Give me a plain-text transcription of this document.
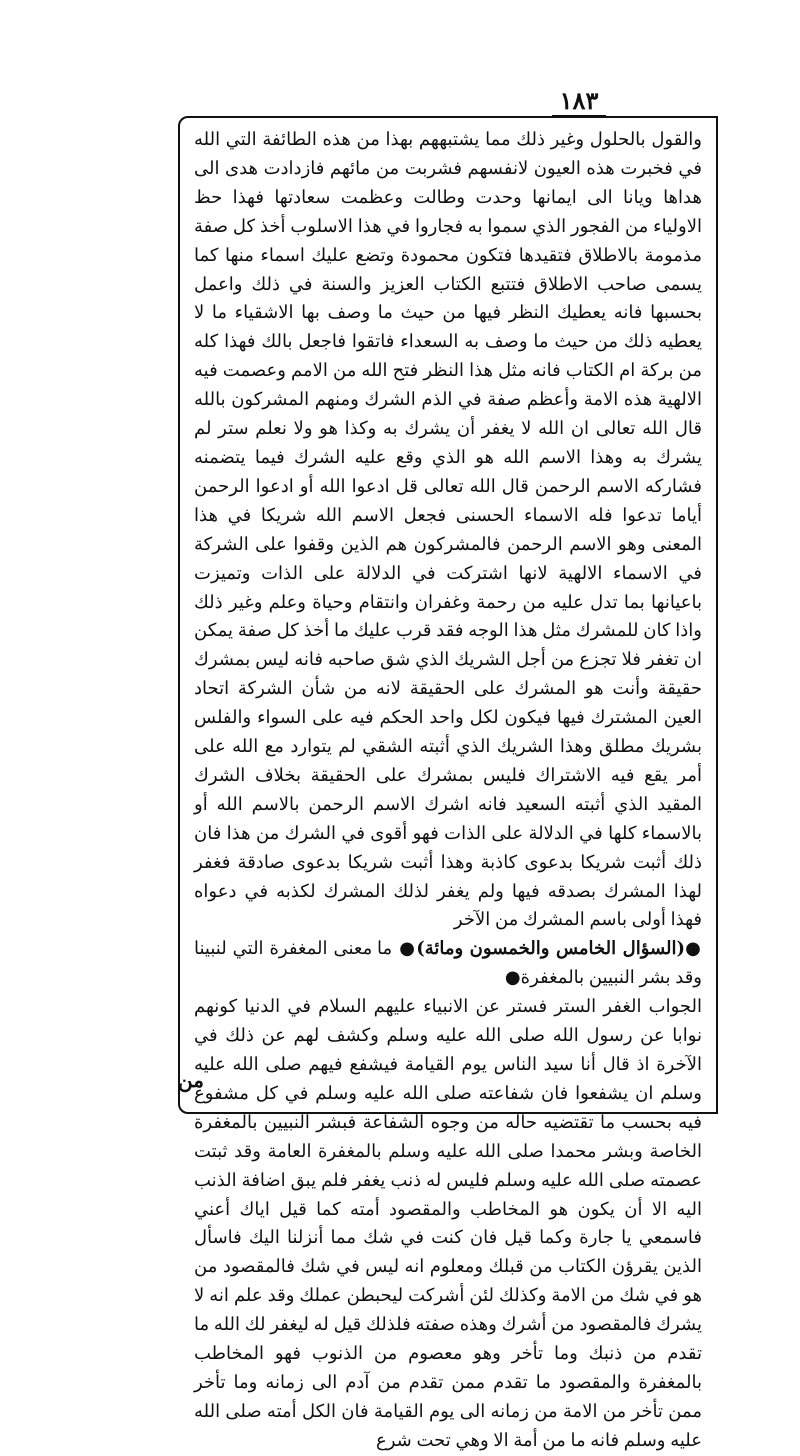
١٨٣

والقول بالحلول وغير ذلك مما يشتبههم بهذا من هذه الطائفة التي الله في فخبرت هذه العيون لانفسهم فشربت من مائهم فازدادت هدى الى هداها ويانا الى ايمانها وحدت وطالت وعظمت سعادتها فهذا حظ الاولياء من الفجور الذي سموا به فجاروا في هذا الاسلوب أخذ كل صفة مذمومة بالاطلاق فتقيدها فتكون محمودة وتضع عليك اسماء منها كما يسمى صاحب الاطلاق فتتبع الكتاب العزيز والسنة في ذلك واعمل بحسبها فانه يعطيك النظر فيها من حيث ما وصف بها الاشقياء ما لا يعطيه ذلك من حيث ما وصف به السعداء فاتقوا فاجعل بالك فهذا كله من بركة ام الكتاب فانه مثل هذا النظر فتح الله من الامم وعصمت فيه الالهية هذه الامة وأعظم صفة في الذم الشرك ومنهم المشركون بالله قال الله تعالى ان الله لا يغفر أن يشرك به وكذا هو ولا نعلم ستر لم يشرك به وهذا الاسم الله هو الذي وقع عليه الشرك فيما يتضمنه فشاركه الاسم الرحمن قال الله تعالى قل ادعوا الله أو ادعوا الرحمن أياما تدعوا فله الاسماء الحسنى فجعل الاسم الله شريكا في هذا المعنى وهو الاسم الرحمن فالمشركون هم الذين وقفوا على الشركة في الاسماء الالهية لانها اشتركت في الدلالة على الذات وتميزت باعيانها بما تدل عليه من رحمة وغفران وانتقام وحياة وعلم وغير ذلك واذا كان للمشرك مثل هذا الوجه فقد قرب عليك ما أخذ كل صفة يمكن ان تغفر فلا تجزع من أجل الشريك الذي شق صاحبه فانه ليس بمشرك حقيقة وأنت هو المشرك على الحقيقة لانه من شأن الشركة اتحاد العين المشترك فيها فيكون لكل واحد الحكم فيه على السواء والفلس بشريك مطلق وهذا الشريك الذي أثبته الشقي لم يتوارد مع الله على أمر يقع فيه الاشتراك فليس بمشرك على الحقيقة بخلاف الشرك المقيد الذي أثبته السعيد فانه اشرك الاسم الرحمن بالاسم الله أو بالاسماء كلها في الدلالة على الذات فهو أقوى في الشرك من هذا فان ذلك أثبت شريكا بدعوى كاذبة وهذا أثبت شريكا بدعوى صادقة فغفر لهذا المشرك بصدقه فيها ولم يغفر لذلك المشرك لكذبه في دعواه فهذا أولى باسم المشرك من الآخر

●(السؤال الخامس والخمسون ومائة)● ما معنى المغفرة التي لنبينا وقد بشر النبيين بالمغفرة●

الجواب الغفر الستر فستر عن الانبياء عليهم السلام في الدنيا كونهم نوابا عن رسول الله صلى الله عليه وسلم وكشف لهم عن ذلك في الآخرة اذ قال أنا سيد الناس يوم القيامة فيشفع فيهم صلى الله عليه وسلم ان يشفعوا فان شفاعته صلى الله عليه وسلم في كل مشفوع فيه بحسب ما تقتضيه حاله من وجوه الشفاعة فبشر النبيين بالمغفرة الخاصة وبشر محمدا صلى الله عليه وسلم بالمغفرة العامة وقد ثبتت عصمته صلى الله عليه وسلم فليس له ذنب يغفر فلم يبق اضافة الذنب اليه الا أن يكون هو المخاطب والمقصود أمته كما قيل اياك أعني فاسمعي يا جارة وكما قيل فان كنت في شك مما أنزلنا اليك فاسأل الذين يقرؤن الكتاب من قبلك ومعلوم انه ليس في شك فالمقصود من هو في شك من الامة وكذلك لئن أشركت ليحبطن عملك وقد علم انه لا يشرك فالمقصود من أشرك وهذه صفته فلذلك قيل له ليغفر لك الله ما تقدم من ذنبك وما تأخر وهو معصوم من الذنوب فهو المخاطب بالمغفرة والمقصود ما تقدم ممن تقدم من آدم الى زمانه وما تأخر ممن تأخر من الامة من زمانه الى يوم القيامة فان الكل أمته صلى الله عليه وسلم فانه ما من أمة الا وهي تحت شرع

من
